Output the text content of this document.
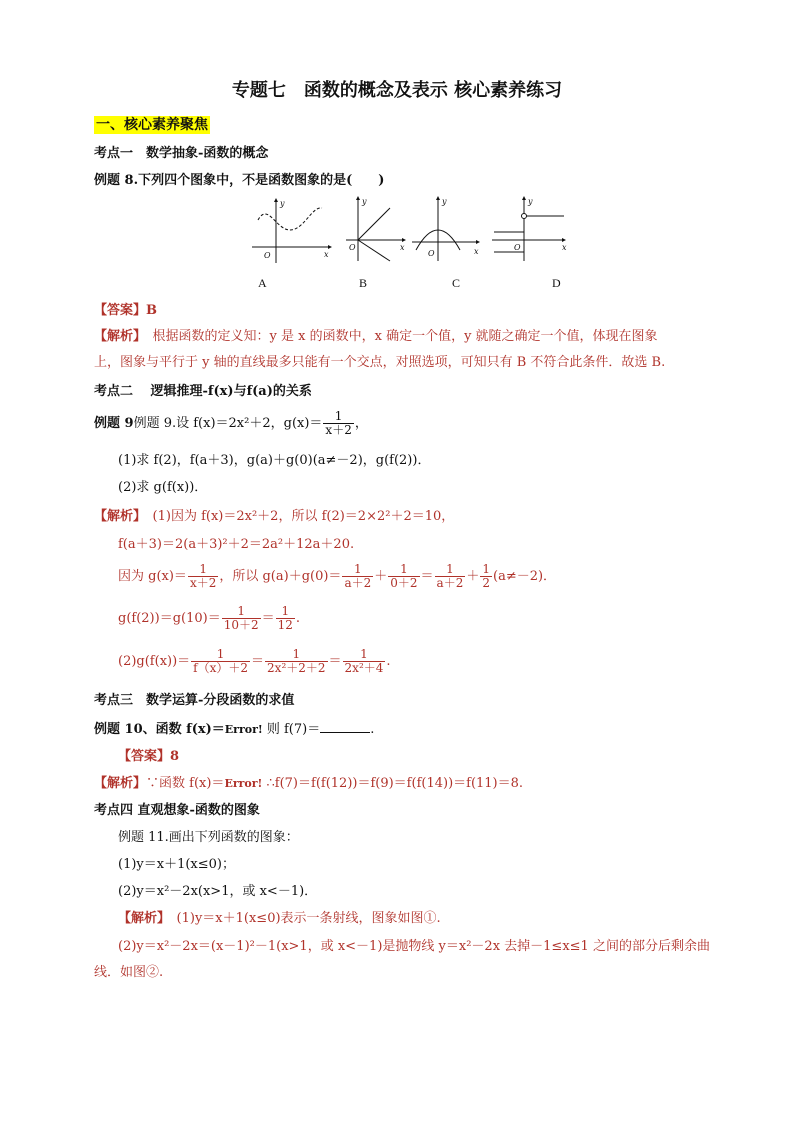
专题七　函数的概念及表示 核心素养练习
一、核心素养聚焦
考点一　数学抽象-函数的概念
例题 8.下列四个图象中，不是函数图象的是(　　)
y
x
O
y
x
O
y
x
O
y
x
O
A	B	C	D
【答案】B
【解析】　 根据函数的定义知：y 是 x 的函数中，x 确定一个值，y 就随之确定一个值，体现在图象
上，图象与平行于 y 轴的直线最多只能有一个交点，对照选项，可知只有 B 不符合此条件．故选 B.
考点二　 逻辑推理-f(x)与f(a)的关系
例题 9例题 9.设 f(x)＝2x²＋2，$g(x)= \frac{1}{x+2}$ ，
(1)求 f(2)，f(a＋3)，g(a)＋g(0)(a≠－2)，g(f(2))．
(2)求 g(f(x))．
【解析】　 (1)因为 f(x)＝2x²＋2，所以 f(2)＝2×2²＋2＝10，
f(a＋3)＝2(a＋3)²＋2＝2a²＋12a＋20.
因为 $g(x)= \frac{1}{x+2}$ ，所以 $g(a)+g(0)= \frac{1}{a+2} + \frac{1}{0+2} = \frac{1}{a+2} + \frac{1}{2} (a\ne-2)$．
$g(f(2))=g(10)= \frac{1}{10+2} = \frac{1}{12}$ .
$(2)g(f(x))= \frac{1}{f(x)+2} = \frac{1}{\text{2x²＋2＋2}} = \frac{1}{\text{2x²＋4}}$ .
考点三　数学运算-分段函数的求值
例题 10、函数 f(x)＝Error! 则 f(7)＝	.
【答案】8
【解析】∵函数 f(x)＝Error! ∴f(7)＝f(f(12))＝f(9)＝f(f(14))＝f(11)＝8.
考点四 直观想象-函数的图象
例题 11.画出下列函数的图象：
(1)y＝x＋1(x≤0)；
(2)y＝x²－2x(x>1，或 x<－1)．
【解析】　 (1)y＝x＋1(x≤0)表示一条射线，图象如图①.
(2)y＝x²－2x＝(x－1)²－1(x>1，或 x<－1)是抛物线 y＝x²－2x 去掉－1≤x≤1 之间的部分后剩余曲
线．如图②.
